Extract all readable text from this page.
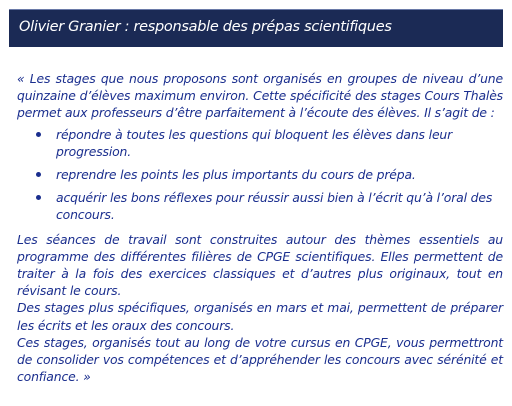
Olivier Granier : responsable des prépas scientifiques

« Les stages que nous proposons sont organisés en groupes de niveau d’une quinzaine d’élèves maximum environ. Cette spécificité des stages Cours Thalès permet aux professeurs d’être parfaitement à l’écoute des élèves. Il s’agit de :

répondre à toutes les questions qui bloquent les élèves dans leur progression.
reprendre les points les plus importants du cours de prépa.
acquérir les bons réflexes pour réussir aussi bien à l’écrit qu’à l’oral des concours.

Les séances de travail sont construites autour des thèmes essentiels au programme des différentes filières de CPGE scientifiques. Elles permettent de traiter à la fois des exercices classiques et d’autres plus originaux, tout en révisant le cours.

Des stages plus spécifiques, organisés en mars et mai, permettent de préparer les écrits et les oraux des concours.

Ces stages, organisés tout au long de votre cursus en CPGE, vous permettront de consolider vos compétences et d’appréhender les concours avec sérénité et confiance. »
